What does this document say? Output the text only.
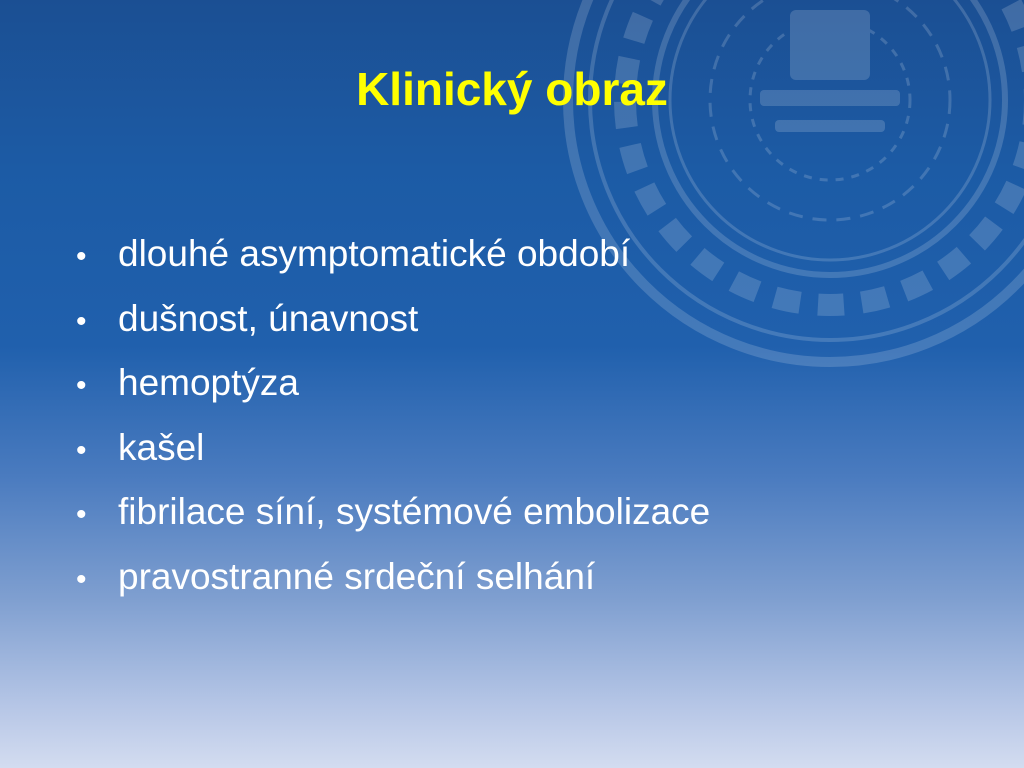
Klinický obraz
• dlouhé asymptomatické období
• dušnost, únavnost
• hemoptýza
• kašel
• fibrilace síní, systémové embolizace
• pravostranné srdeční selhání
